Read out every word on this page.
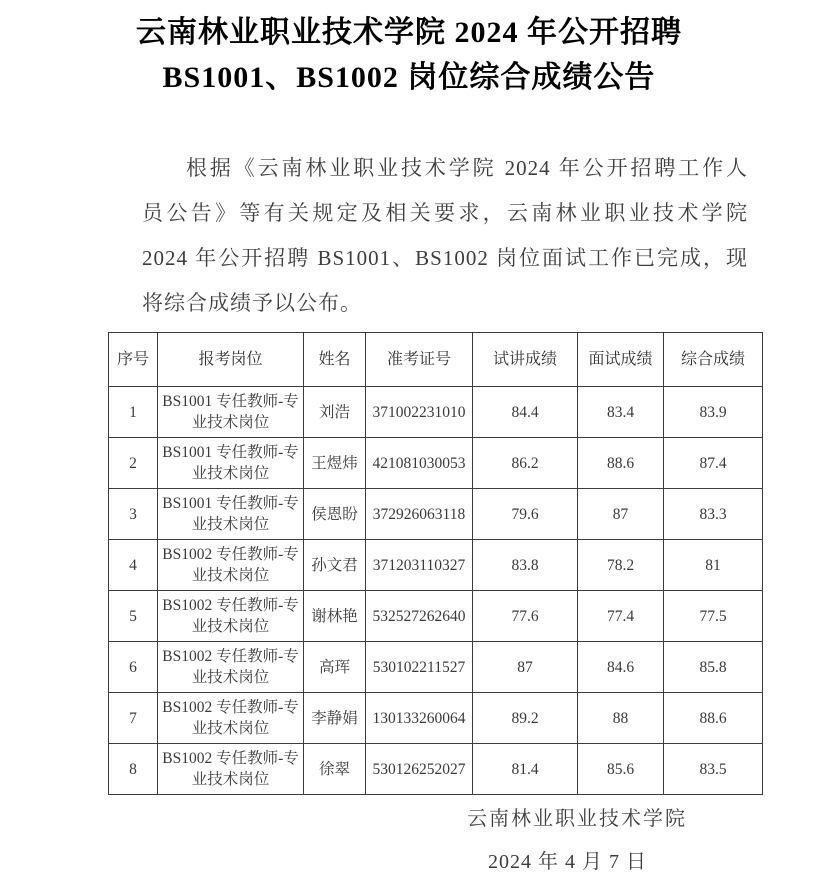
云南林业职业技术学院 2024 年公开招聘
BS1001、BS1002 岗位综合成绩公告
根据《云南林业职业技术学院 2024 年公开招聘工作人
员公告》等有关规定及相关要求，云南林业职业技术学院
2024 年公开招聘 BS1001、BS1002 岗位面试工作已完成，现
将综合成绩予以公布。
序号	报考岗位	姓名	准考证号	试讲成绩	面试成绩	综合成绩
1	BS1001 专任教师-专业技术岗位	刘浩	371002231010	84.4	83.4	83.9
2	BS1001 专任教师-专业技术岗位	王煜炜	421081030053	86.2	88.6	87.4
3	BS1001 专任教师-专业技术岗位	侯恩盼	372926063118	79.6	87	83.3
4	BS1002 专任教师-专业技术岗位	孙文君	371203110327	83.8	78.2	81
5	BS1002 专任教师-专业技术岗位	谢林艳	532527262640	77.6	77.4	77.5
6	BS1002 专任教师-专业技术岗位	高珲	530102211527	87	84.6	85.8
7	BS1002 专任教师-专业技术岗位	李静娟	130133260064	89.2	88	88.6
8	BS1002 专任教师-专业技术岗位	徐翠	530126252027	81.4	85.6	83.5
云南林业职业技术学院
2024 年 4 月 7 日
